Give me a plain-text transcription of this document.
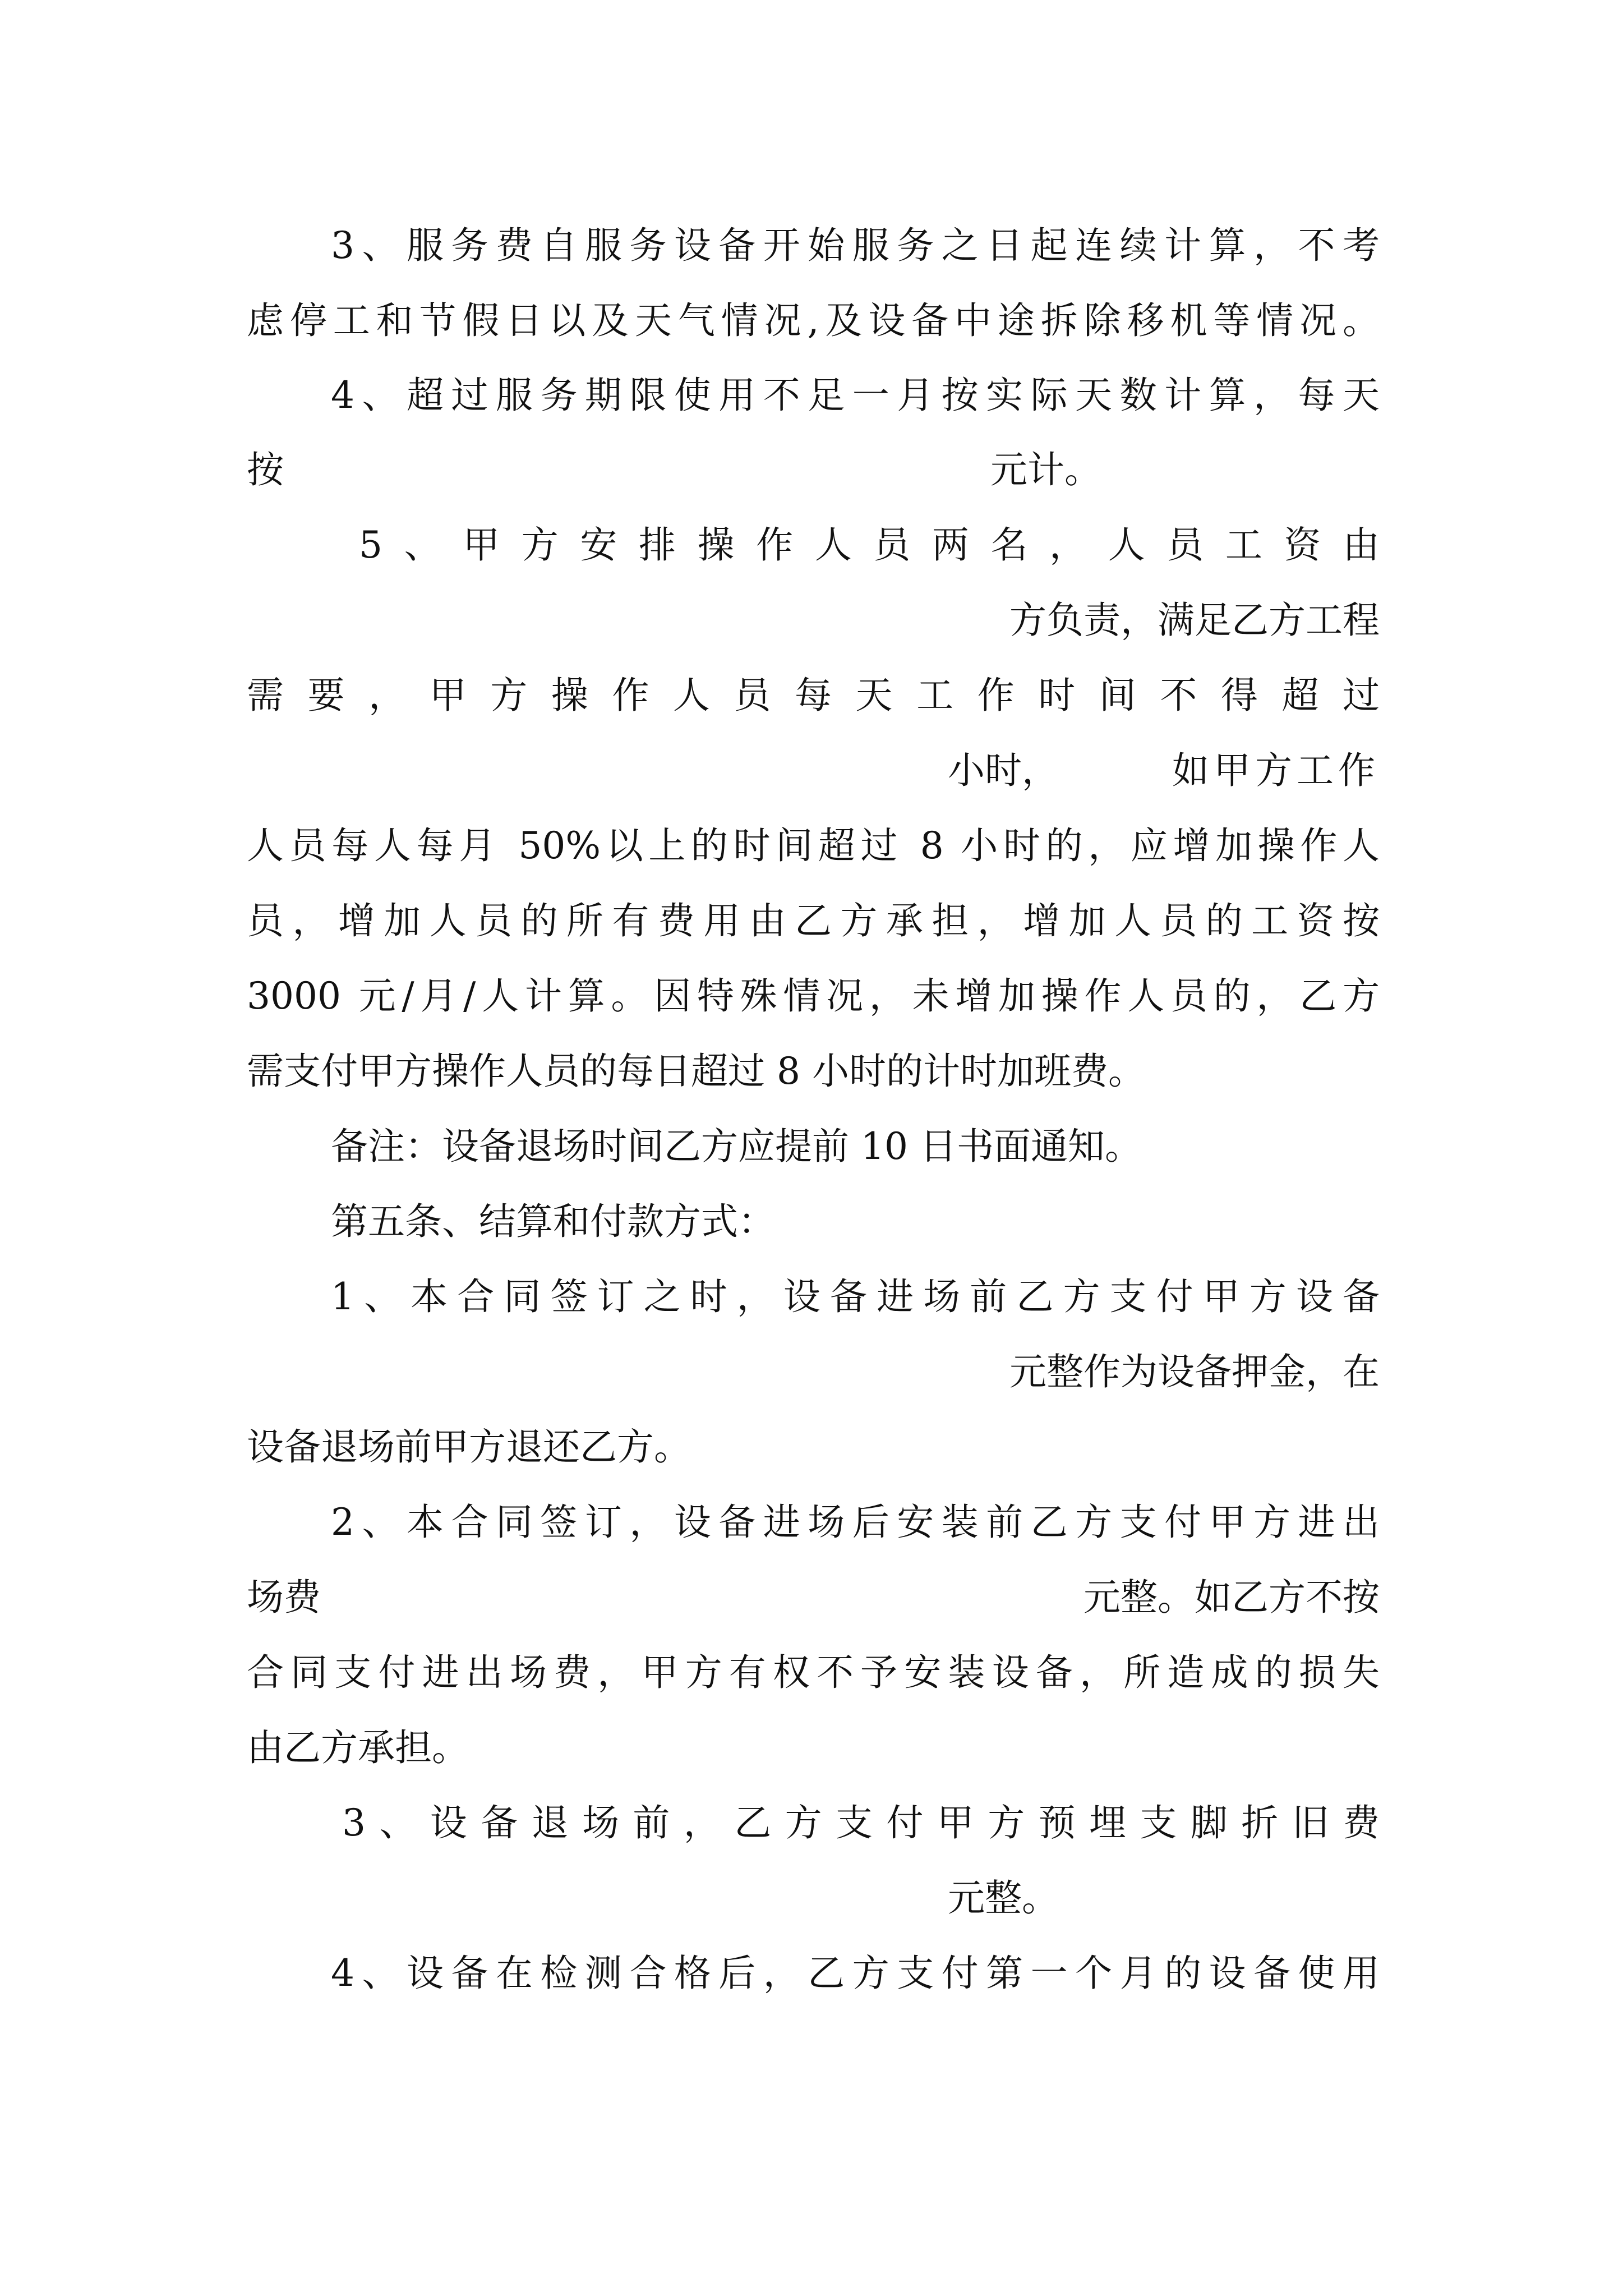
3、服务费自服务设备开始服务之日起连续计算，不考

虑停工和节假日以及天气情况,及设备中途拆除移机等情况。

4、超过服务期限使用不足一月按实际天数计算，每天

按	元计。

5、甲方安排操作人员两名，人员工资由

方负责，满足乙方工程

需要，甲方操作人员每天工作时间不得超过

小时，	如甲方工作

人员每人每月 50%以上的时间超过 8 小时的，应增加操作人

员，增加人员的所有费用由乙方承担，增加人员的工资按

3000 元/月/人计算。因特殊情况，未增加操作人员的，乙方

需支付甲方操作人员的每日超过 8 小时的计时加班费。
备注：设备退场时间乙方应提前 10 日书面通知。
第五条、结算和付款方式：

1、本合同签订之时，设备进场前乙方支付甲方设备

元整作为设备押金，在
设备退场前甲方退还乙方。

2、本合同签订，设备进场后安装前乙方支付甲方进出

场费	元整。如乙方不按

合同支付进出场费，甲方有权不予安装设备，所造成的损失

由乙方承担。

3、设备退场前，乙方支付甲方预埋支脚折旧费

元整。

4、设备在检测合格后，乙方支付第一个月的设备使用
